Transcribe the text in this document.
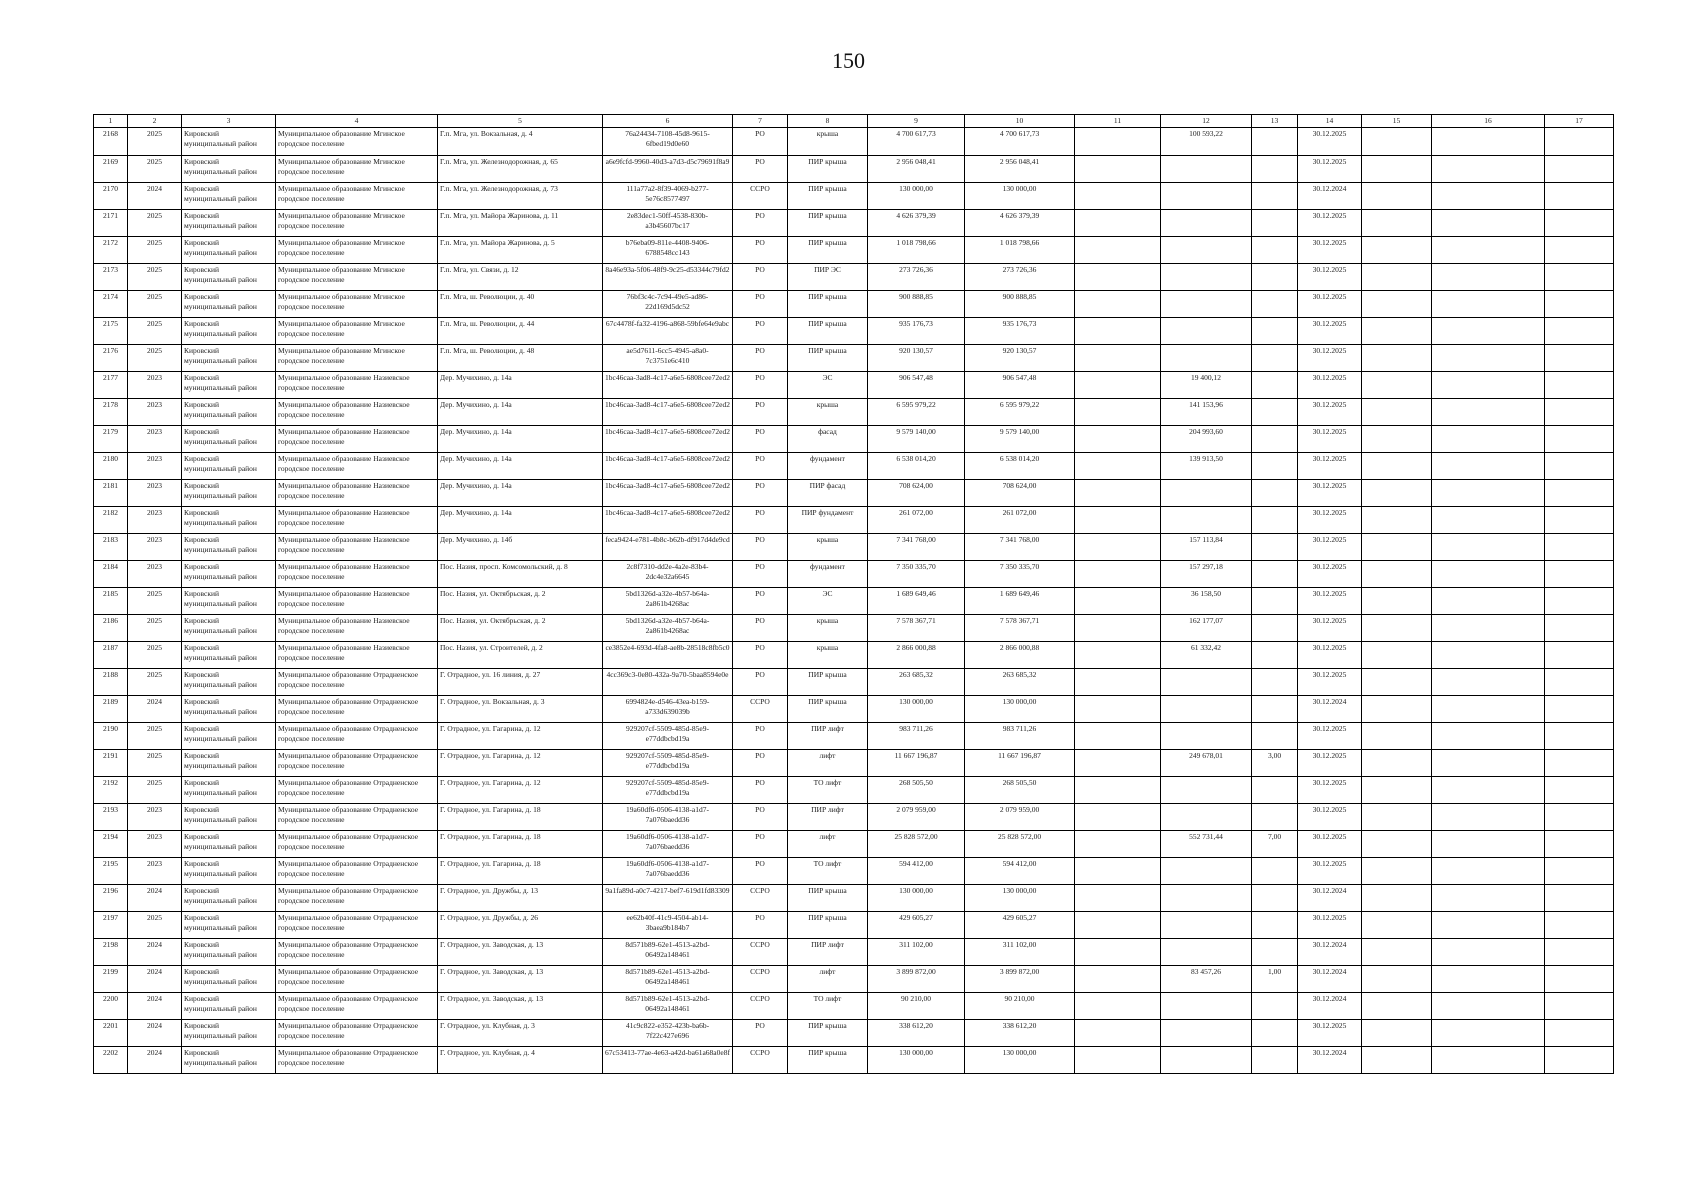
150
1	2	3	4	5	6	7	8	9	10	11	12	13	14	15	16	17
2168	2025	Кировский муниципальный район	Муниципальное образование Мгинское городское поселение	Г.п. Мга, ул. Вокзальная, д. 4	76a24434-7108-45d8-9615-6fbed19d0e60	РО	крыша	4 700 617,73	4 700 617,73		100 593,22		30.12.2025			
2169	2025	Кировский муниципальный район	Муниципальное образование Мгинское городское поселение	Г.п. Мга, ул. Железнодорожная, д. 65	a6e9fcfd-9960-40d3-a7d3-d5c79691f8a9	РО	ПИР крыша	2 956 048,41	2 956 048,41				30.12.2025			
2170	2024	Кировский муниципальный район	Муниципальное образование Мгинское городское поселение	Г.п. Мга, ул. Железнодорожная, д. 73	111a77a2-8f39-4069-b277-5e76c8577497	ССРО	ПИР крыша	130 000,00	130 000,00				30.12.2024			
2171	2025	Кировский муниципальный район	Муниципальное образование Мгинское городское поселение	Г.п. Мга, ул. Майора Жаринова, д. 11	2e83dec1-50ff-4538-830b-a3b45607bc17	РО	ПИР крыша	4 626 379,39	4 626 379,39				30.12.2025			
2172	2025	Кировский муниципальный район	Муниципальное образование Мгинское городское поселение	Г.п. Мга, ул. Майора Жаринова, д. 5	b76eba09-811e-4408-9406-6788548cc143	РО	ПИР крыша	1 018 798,66	1 018 798,66				30.12.2025			
2173	2025	Кировский муниципальный район	Муниципальное образование Мгинское городское поселение	Г.п. Мга, ул. Связи, д. 12	8a46e93a-5f06-48f9-9c25-d53344c79fd2	РО	ПИР ЭС	273 726,36	273 726,36				30.12.2025			
2174	2025	Кировский муниципальный район	Муниципальное образование Мгинское городское поселение	Г.п. Мга, ш. Революции, д. 40	76bf3c4c-7c94-49e5-ad86-22d169d5dc52	РО	ПИР крыша	900 888,85	900 888,85				30.12.2025			
2175	2025	Кировский муниципальный район	Муниципальное образование Мгинское городское поселение	Г.п. Мга, ш. Революции, д. 44	67c4478f-fa32-4196-a868-59bfe64e9abc	РО	ПИР крыша	935 176,73	935 176,73				30.12.2025			
2176	2025	Кировский муниципальный район	Муниципальное образование Мгинское городское поселение	Г.п. Мга, ш. Революции, д. 48	ae5d7611-6cc5-4945-a8a0-7c3751e6c410	РО	ПИР крыша	920 130,57	920 130,57				30.12.2025			
2177	2023	Кировский муниципальный район	Муниципальное образование Назиевское городское поселение	Дер. Мучихино, д. 14а	1bc46caa-3ad8-4c17-a6e5-6808cee72ed2	РО	ЭС	906 547,48	906 547,48		19 400,12		30.12.2025			
2178	2023	Кировский муниципальный район	Муниципальное образование Назиевское городское поселение	Дер. Мучихино, д. 14а	1bc46caa-3ad8-4c17-a6e5-6808cee72ed2	РО	крыша	6 595 979,22	6 595 979,22		141 153,96		30.12.2025			
2179	2023	Кировский муниципальный район	Муниципальное образование Назиевское городское поселение	Дер. Мучихино, д. 14а	1bc46caa-3ad8-4c17-a6e5-6808cee72ed2	РО	фасад	9 579 140,00	9 579 140,00		204 993,60		30.12.2025			
2180	2023	Кировский муниципальный район	Муниципальное образование Назиевское городское поселение	Дер. Мучихино, д. 14а	1bc46caa-3ad8-4c17-a6e5-6808cee72ed2	РО	фундамент	6 538 014,20	6 538 014,20		139 913,50		30.12.2025			
2181	2023	Кировский муниципальный район	Муниципальное образование Назиевское городское поселение	Дер. Мучихино, д. 14а	1bc46caa-3ad8-4c17-a6e5-6808cee72ed2	РО	ПИР фасад	708 624,00	708 624,00				30.12.2025			
2182	2023	Кировский муниципальный район	Муниципальное образование Назиевское городское поселение	Дер. Мучихино, д. 14а	1bc46caa-3ad8-4c17-a6e5-6808cee72ed2	РО	ПИР фундамент	261 072,00	261 072,00				30.12.2025			
2183	2023	Кировский муниципальный район	Муниципальное образование Назиевское городское поселение	Дер. Мучихино, д. 14б	feca9424-e781-4b8c-b62b-df917d4de9cd	РО	крыша	7 341 768,00	7 341 768,00		157 113,84		30.12.2025			
2184	2023	Кировский муниципальный район	Муниципальное образование Назиевское городское поселение	Пос. Назия, просп. Комсомольский, д. 8	2c8f7310-dd2e-4a2e-83b4-2dc4e32a6645	РО	фундамент	7 350 335,70	7 350 335,70		157 297,18		30.12.2025			
2185	2025	Кировский муниципальный район	Муниципальное образование Назиевское городское поселение	Пос. Назия, ул. Октябрьская, д. 2	5bd1326d-a32e-4b57-b64a-2a861b4268ac	РО	ЭС	1 689 649,46	1 689 649,46		36 158,50		30.12.2025			
2186	2025	Кировский муниципальный район	Муниципальное образование Назиевское городское поселение	Пос. Назия, ул. Октябрьская, д. 2	5bd1326d-a32e-4b57-b64a-2a861b4268ac	РО	крыша	7 578 367,71	7 578 367,71		162 177,07		30.12.2025			
2187	2025	Кировский муниципальный район	Муниципальное образование Назиевское городское поселение	Пос. Назия, ул. Строителей, д. 2	ce3852e4-693d-4fa8-ae8b-28518c8fb5c0	РО	крыша	2 866 000,88	2 866 000,88		61 332,42		30.12.2025			
2188	2025	Кировский муниципальный район	Муниципальное образование Отрадненское городское поселение	Г. Отрадное, ул. 16 линия, д. 27	4cc369c3-0e80-432a-9a70-5baa8594e0e	РО	ПИР крыша	263 685,32	263 685,32				30.12.2025			
2189	2024	Кировский муниципальный район	Муниципальное образование Отрадненское городское поселение	Г. Отрадное, ул. Вокзальная, д. 3	6994824e-d546-43ea-b159-a733d639039b	ССРО	ПИР крыша	130 000,00	130 000,00				30.12.2024			
2190	2025	Кировский муниципальный район	Муниципальное образование Отрадненское городское поселение	Г. Отрадное, ул. Гагарина, д. 12	929207cf-5509-485d-85e9-e77ddbcbd19a	РО	ПИР лифт	983 711,26	983 711,26				30.12.2025			
2191	2025	Кировский муниципальный район	Муниципальное образование Отрадненское городское поселение	Г. Отрадное, ул. Гагарина, д. 12	929207cf-5509-485d-85e9-e77ddbcbd19a	РО	лифт	11 667 196,87	11 667 196,87		249 678,01	3,00	30.12.2025			
2192	2025	Кировский муниципальный район	Муниципальное образование Отрадненское городское поселение	Г. Отрадное, ул. Гагарина, д. 12	929207cf-5509-485d-85e9-e77ddbcbd19a	РО	ТО лифт	268 505,50	268 505,50				30.12.2025			
2193	2023	Кировский муниципальный район	Муниципальное образование Отрадненское городское поселение	Г. Отрадное, ул. Гагарина, д. 18	19a60df6-0506-4138-a1d7-7a076baedd36	РО	ПИР лифт	2 079 959,00	2 079 959,00				30.12.2025			
2194	2023	Кировский муниципальный район	Муниципальное образование Отрадненское городское поселение	Г. Отрадное, ул. Гагарина, д. 18	19a60df6-0506-4138-a1d7-7a076baedd36	РО	лифт	25 828 572,00	25 828 572,00		552 731,44	7,00	30.12.2025			
2195	2023	Кировский муниципальный район	Муниципальное образование Отрадненское городское поселение	Г. Отрадное, ул. Гагарина, д. 18	19a60df6-0506-4138-a1d7-7a076baedd36	РО	ТО лифт	594 412,00	594 412,00				30.12.2025			
2196	2024	Кировский муниципальный район	Муниципальное образование Отрадненское городское поселение	Г. Отрадное, ул. Дружбы, д. 13	9a1fa89d-a0c7-4217-bef7-619d1fd83309	ССРО	ПИР крыша	130 000,00	130 000,00				30.12.2024			
2197	2025	Кировский муниципальный район	Муниципальное образование Отрадненское городское поселение	Г. Отрадное, ул. Дружбы, д. 26	ee62b40f-41c9-4504-ab14-3baea9b184b7	РО	ПИР крыша	429 605,27	429 605,27				30.12.2025			
2198	2024	Кировский муниципальный район	Муниципальное образование Отрадненское городское поселение	Г. Отрадное, ул. Заводская, д. 13	8d571b89-62e1-4513-a2bd-06492a148461	ССРО	ПИР лифт	311 102,00	311 102,00				30.12.2024			
2199	2024	Кировский муниципальный район	Муниципальное образование Отрадненское городское поселение	Г. Отрадное, ул. Заводская, д. 13	8d571b89-62e1-4513-a2bd-06492a148461	ССРО	лифт	3 899 872,00	3 899 872,00		83 457,26	1,00	30.12.2024			
2200	2024	Кировский муниципальный район	Муниципальное образование Отрадненское городское поселение	Г. Отрадное, ул. Заводская, д. 13	8d571b89-62e1-4513-a2bd-06492a148461	ССРО	ТО лифт	90 210,00	90 210,00				30.12.2024			
2201	2024	Кировский муниципальный район	Муниципальное образование Отрадненское городское поселение	Г. Отрадное, ул. Клубная, д. 3	41c9c822-e352-423b-ba6b-7f22c427e696	РО	ПИР крыша	338 612,20	338 612,20				30.12.2025			
2202	2024	Кировский муниципальный район	Муниципальное образование Отрадненское городское поселение	Г. Отрадное, ул. Клубная, д. 4	67c53413-77ae-4e63-a42d-ba61a68a0e8f	ССРО	ПИР крыша	130 000,00	130 000,00				30.12.2024			
